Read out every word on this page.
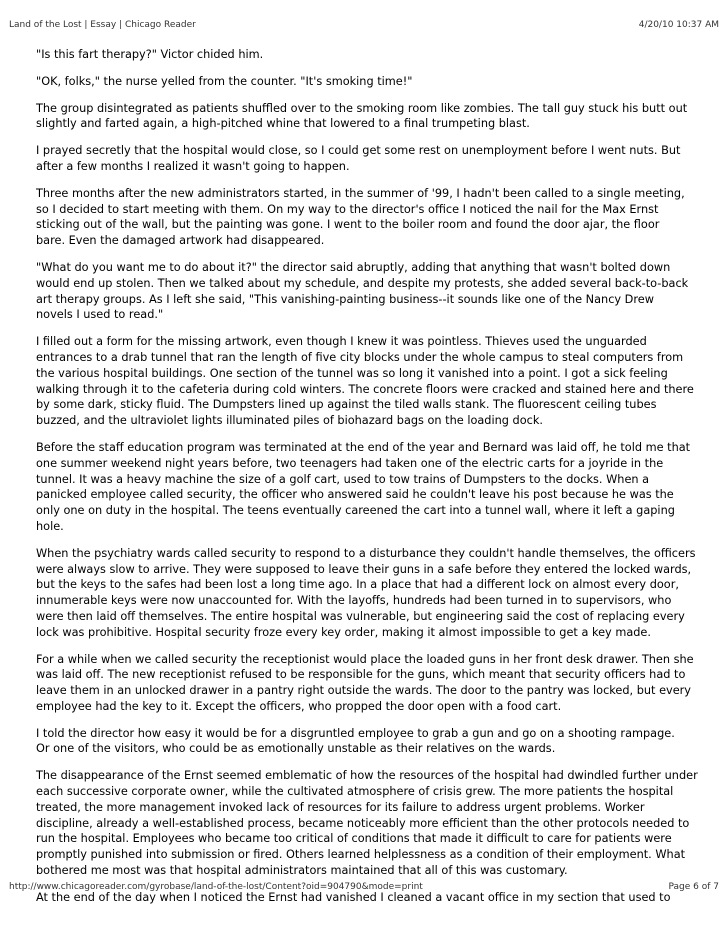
Land of the Lost | Essay | Chicago Reader	4/20/10 10:37 AM

"Is this fart therapy?" Victor chided him.

"OK, folks," the nurse yelled from the counter. "It's smoking time!"

The group disintegrated as patients shuffled over to the smoking room like zombies. The tall guy stuck his butt out
slightly and farted again, a high-pitched whine that lowered to a final trumpeting blast.

I prayed secretly that the hospital would close, so I could get some rest on unemployment before I went nuts. But
after a few months I realized it wasn't going to happen.

Three months after the new administrators started, in the summer of '99, I hadn't been called to a single meeting,
so I decided to start meeting with them. On my way to the director's office I noticed the nail for the Max Ernst
sticking out of the wall, but the painting was gone. I went to the boiler room and found the door ajar, the floor
bare. Even the damaged artwork had disappeared.

"What do you want me to do about it?" the director said abruptly, adding that anything that wasn't bolted down
would end up stolen. Then we talked about my schedule, and despite my protests, she added several back-to-back
art therapy groups. As I left she said, "This vanishing-painting business--it sounds like one of the Nancy Drew
novels I used to read."

I filled out a form for the missing artwork, even though I knew it was pointless. Thieves used the unguarded
entrances to a drab tunnel that ran the length of five city blocks under the whole campus to steal computers from
the various hospital buildings. One section of the tunnel was so long it vanished into a point. I got a sick feeling
walking through it to the cafeteria during cold winters. The concrete floors were cracked and stained here and there
by some dark, sticky fluid. The Dumpsters lined up against the tiled walls stank. The fluorescent ceiling tubes
buzzed, and the ultraviolet lights illuminated piles of biohazard bags on the loading dock.

Before the staff education program was terminated at the end of the year and Bernard was laid off, he told me that
one summer weekend night years before, two teenagers had taken one of the electric carts for a joyride in the
tunnel. It was a heavy machine the size of a golf cart, used to tow trains of Dumpsters to the docks. When a
panicked employee called security, the officer who answered said he couldn't leave his post because he was the
only one on duty in the hospital. The teens eventually careened the cart into a tunnel wall, where it left a gaping
hole.

When the psychiatry wards called security to respond to a disturbance they couldn't handle themselves, the officers
were always slow to arrive. They were supposed to leave their guns in a safe before they entered the locked wards,
but the keys to the safes had been lost a long time ago. In a place that had a different lock on almost every door,
innumerable keys were now unaccounted for. With the layoffs, hundreds had been turned in to supervisors, who
were then laid off themselves. The entire hospital was vulnerable, but engineering said the cost of replacing every
lock was prohibitive. Hospital security froze every key order, making it almost impossible to get a key made.

For a while when we called security the receptionist would place the loaded guns in her front desk drawer. Then she
was laid off. The new receptionist refused to be responsible for the guns, which meant that security officers had to
leave them in an unlocked drawer in a pantry right outside the wards. The door to the pantry was locked, but every
employee had the key to it. Except the officers, who propped the door open with a food cart.

I told the director how easy it would be for a disgruntled employee to grab a gun and go on a shooting rampage.
Or one of the visitors, who could be as emotionally unstable as their relatives on the wards.

The disappearance of the Ernst seemed emblematic of how the resources of the hospital had dwindled further under
each successive corporate owner, while the cultivated atmosphere of crisis grew. The more patients the hospital
treated, the more management invoked lack of resources for its failure to address urgent problems. Worker
discipline, already a well-established process, became noticeably more efficient than the other protocols needed to
run the hospital. Employees who became too critical of conditions that made it difficult to care for patients were
promptly punished into submission or fired. Others learned helplessness as a condition of their employment. What
bothered me most was that hospital administrators maintained that all of this was customary.

At the end of the day when I noticed the Ernst had vanished I cleaned a vacant office in my section that used to

http://www.chicagoreader.com/gyrobase/land-of-the-lost/Content?oid=904790&mode=print	Page 6 of 7
